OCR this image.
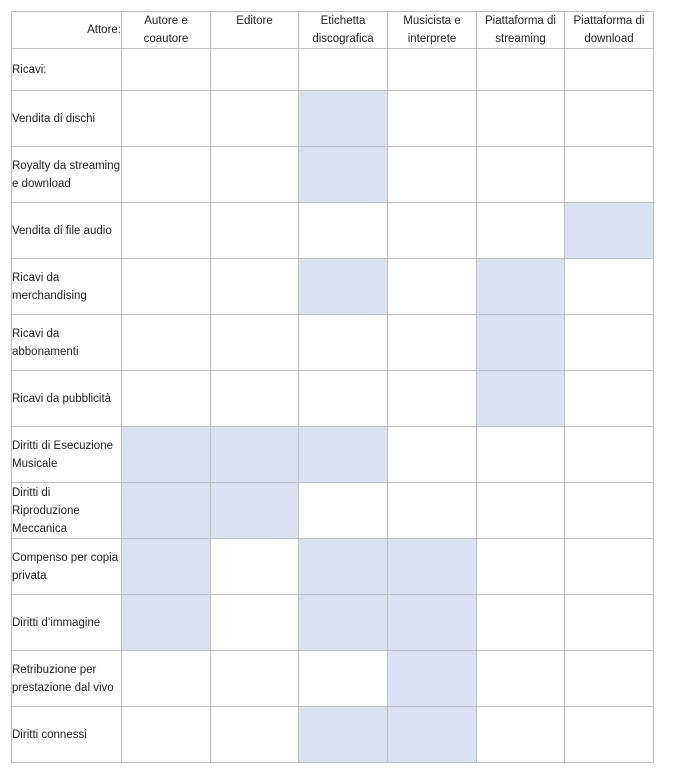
Attore:	Autore e coautore	Editore	Etichetta discografica	Musicista e interprete	Piattaforma di streaming	Piattaforma di download
Ricavi:						
Vendita di dischi						
Royalty da streaming e download						
Vendita di file audio						
Ricavi da merchandising						
Ricavi da abbonamenti						
Ricavi da pubblicità						
Diritti di Esecuzione Musicale						
Diritti di Riproduzione Meccanica						
Compenso per copia privata						
Diritti d’immagine						
Retribuzione per prestazione dal vivo						
Diritti connessi						
